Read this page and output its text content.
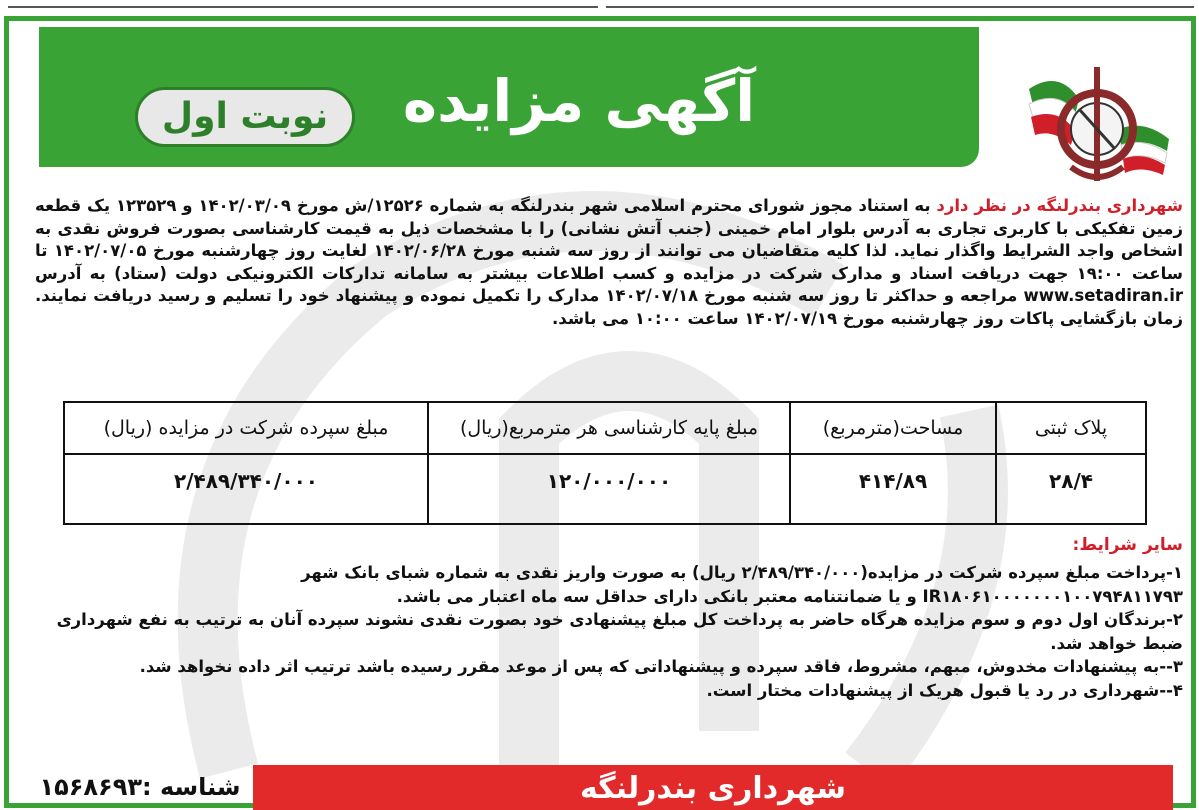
آگهی مزایده
نوبت اول
شهرداری بندرلنگه در نظر دارد به استناد مجوز شورای محترم اسلامی شهر بندرلنگه به شماره ۱۲۵۲۶/ش مورخ ۱۴۰۲/۰۳/۰۹ و ۱۲۳۵۲۹ یک قطعه زمین تفکیکی با کاربری تجاری به آدرس بلوار امام خمینی (جنب آتش نشانی) را با مشخصات ذیل به قیمت کارشناسی بصورت فروش نقدی به اشخاص واجد الشرایط واگذار نماید. لذا کلیه متقاضیان می توانند از روز سه شنبه مورخ ۱۴۰۲/۰۶/۲۸ لغایت روز چهارشنبه مورخ ۱۴۰۲/۰۷/۰۵ تا ساعت ۱۹:۰۰ جهت دریافت اسناد و مدارک شرکت در مزایده و کسب اطلاعات بیشتر به سامانه تدارکات الکترونیکی دولت (ستاد) به آدرس www.setadiran.ir مراجعه و حداکثر تا روز سه شنبه مورخ ۱۴۰۲/۰۷/۱۸ مدارک را تکمیل نموده و پیشنهاد خود را تسلیم و رسید دریافت نمایند. زمان بازگشایی پاکات روز چهارشنبه مورخ ۱۴۰۲/۰۷/۱۹ ساعت ۱۰:۰۰ می باشد.
پلاک ثبتی	مساحت(مترمربع)	مبلغ پایه کارشناسی هر مترمربع(ریال)	مبلغ سپرده شرکت در مزایده (ریال)
۲۸/۴	۴۱۴/۸۹	۱۲۰/۰۰۰/۰۰۰	۲/۴۸۹/۳۴۰/۰۰۰
سایر شرایط:
۱-پرداخت مبلغ سپرده شرکت در مزایده(۲/۴۸۹/۳۴۰/۰۰۰ ریال) به صورت واریز نقدی به شماره شبای بانک شهر IR۱۸۰۶۱۰۰۰۰۰۰۰۱۰۰۷۹۴۸۱۱۷۹۳ و یا ضمانتنامه معتبر بانکی دارای حداقل سه ماه اعتبار می باشد.
۲-برندگان اول دوم و سوم مزایده هرگاه حاضر به پرداخت کل مبلغ پیشنهادی خود بصورت نقدی نشوند سپرده آنان به ترتیب به نفع شهرداری ضبط خواهد شد.
۳--به پیشنهادات مخدوش، مبهم، مشروط، فاقد سپرده و پیشنهاداتی که پس از موعد مقرر رسیده باشد ترتیب اثر داده نخواهد شد.
۴--شهرداری در رد یا قبول هریک از پیشنهادات مختار است.
شهرداری بندرلنگه
شناسه :۱۵۶۸۶۹۳
